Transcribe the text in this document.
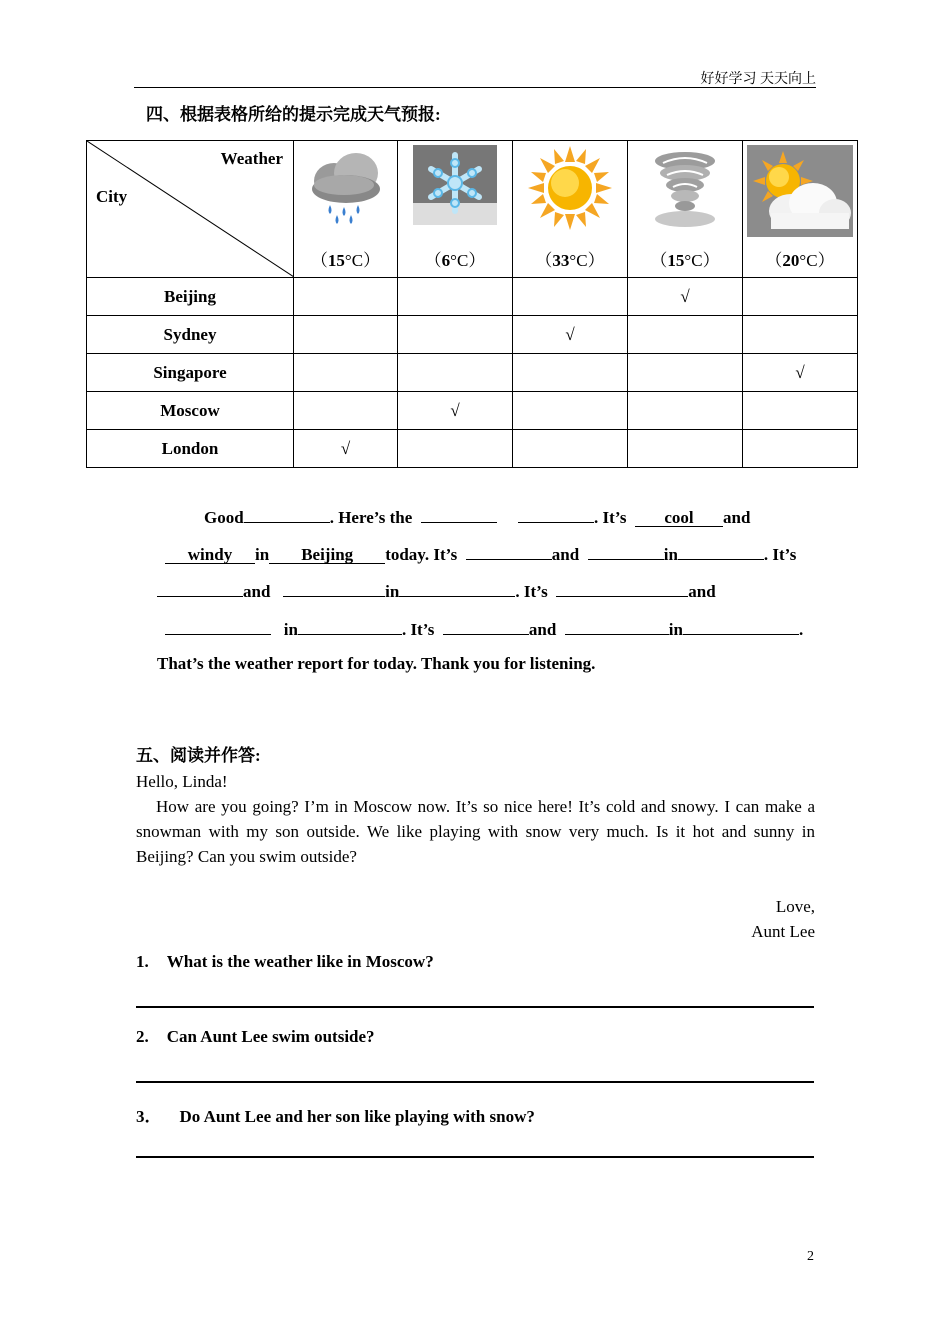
好好学习 天天向上
四、根据表格所给的提示完成天气预报:
Weather
City	（15°C）	（6°C）	（33°C）	（15°C）	（20°C）

Beijing				√	
Sydney			√		
Singapore					√
Moscow		√			
London	√				
Good	. Here’s the	. It’s cool and
windy in Beijing today. It’s	and	in	. It’s
and	in	. It’s	and
in	. It’s	and	in	.
That’s the weather report for today. Thank you for listening.
五、阅读并作答:
Hello, Linda!
How are you going? I’m in Moscow now. It’s so nice here! It’s cold and snowy. I can make a snowman with my son outside. We like playing with snow very much. Is it hot and sunny in Beijing? Can you swim outside?
Love,
Aunt Lee
1. What is the weather like in Moscow?
2. Can Aunt Lee swim outside?
3． Do Aunt Lee and her son like playing with snow?
2
